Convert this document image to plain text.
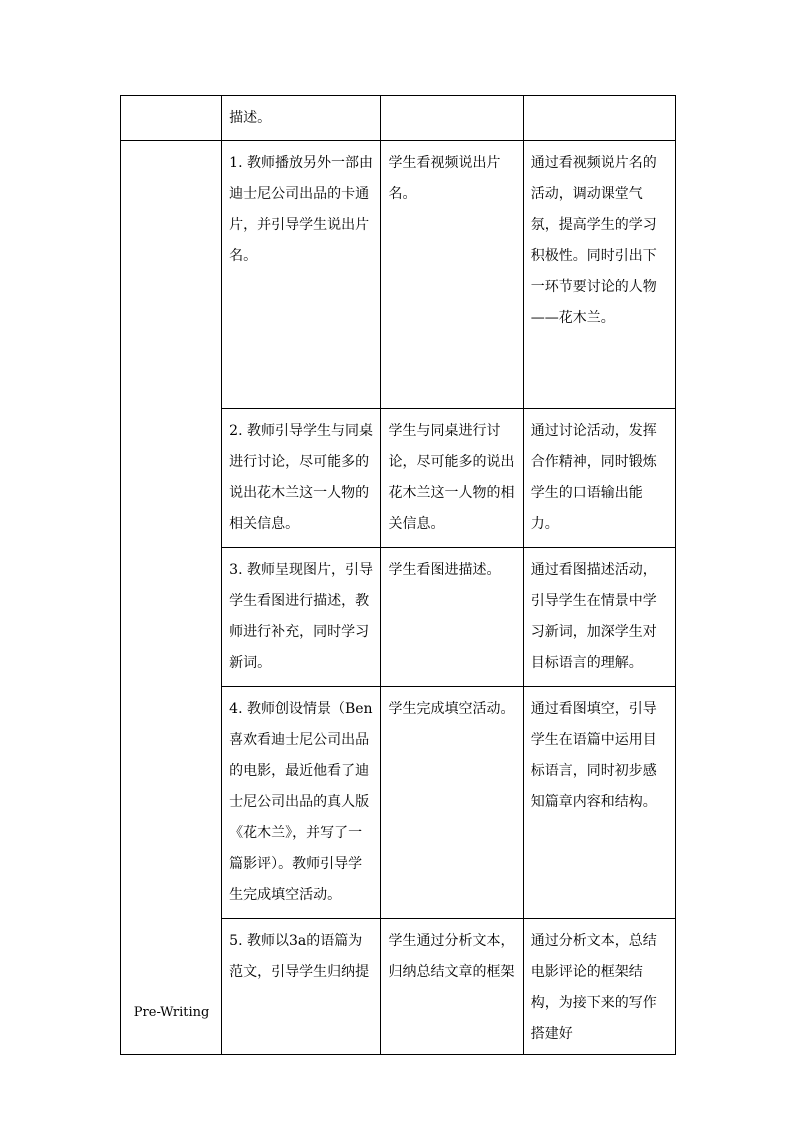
	描述。		
Pre-Writing	1. 教师播放另外一部由迪士尼公司出品的卡通片，并引导学生说出片名。	学生看视频说出片名。	通过看视频说片名的活动，调动课堂气氛，提高学生的学习积极性。同时引出下一环节要讨论的人物——花木兰。
	2. 教师引导学生与同桌进行讨论，尽可能多的说出花木兰这一人物的相关信息。	学生与同桌进行讨论，尽可能多的说出花木兰这一人物的相关信息。	通过讨论活动，发挥合作精神，同时锻炼学生的口语输出能力。
	3. 教师呈现图片，引导学生看图进行描述，教师进行补充，同时学习新词。	学生看图进描述。	通过看图描述活动，引导学生在情景中学习新词，加深学生对目标语言的理解。
	4. 教师创设情景（Ben喜欢看迪士尼公司出品的电影，最近他看了迪士尼公司出品的真人版《花木兰》，并写了一篇影评）。教师引导学生完成填空活动。	学生完成填空活动。	通过看图填空，引导学生在语篇中运用目标语言，同时初步感知篇章内容和结构。
	5. 教师以3a的语篇为范文，引导学生归纳提	学生通过分析文本，归纳总结文章的框架	通过分析文本，总结电影评论的框架结构，为接下来的写作搭建好
